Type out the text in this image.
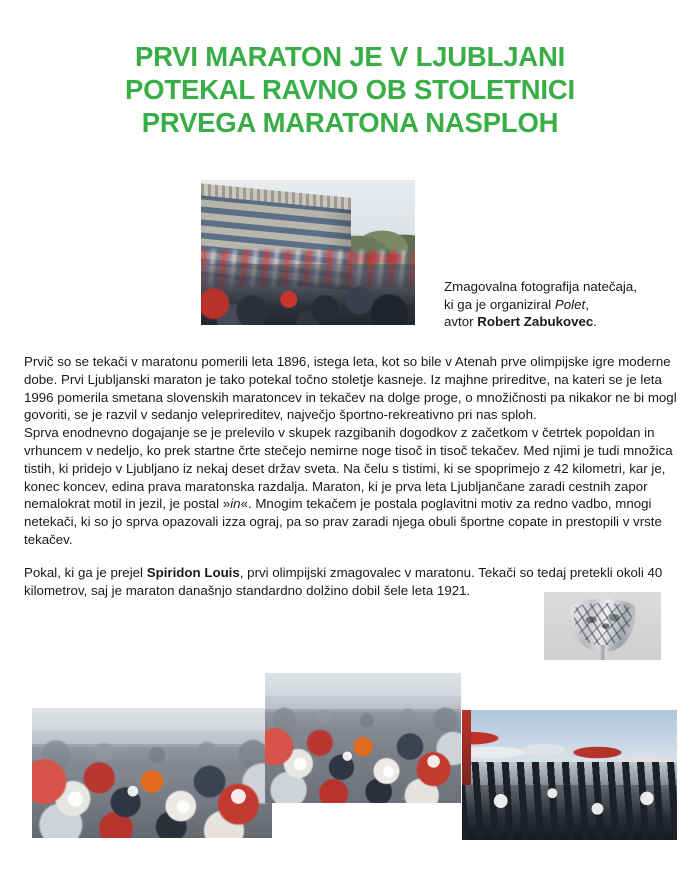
PRVI MARATON JE V LJUBLJANI
POTEKAL RAVNO OB STOLETNICI
PRVEGA MARATONA NASPLOH
Zmagovalna fotografija natečaja,
ki ga je organiziral Polet,
avtor Robert Zabukovec.

Prvič so se tekači v maratonu pomerili leta 1896, istega leta, kot so bile v Atenah prve olimpijske igre moderne dobe. Prvi Ljubljanski maraton je tako potekal točno stoletje kasneje. Iz majhne prireditve, na kateri se je leta 1996 pomerila smetana slovenskih maratoncev in tekačev na dolge proge, o množičnosti pa nikakor ne bi mogl govoriti, se je razvil v sedanjo veleprireditev, največjo športno-rekreativno pri nas sploh.

Sprva enodnevno dogajanje se je prelevilo v skupek razgibanih dogodkov z začetkom v četrtek popoldan in vrhuncem v nedeljo, ko prek startne črte stečejo nemirne noge tisoč in tisoč tekačev. Med njimi je tudi množica tistih, ki pridejo v Ljubljano iz nekaj deset držav sveta. Na čelu s tistimi, ki se spoprimejo z 42 kilometri, kar je, konec koncev, edina prava maratonska razdalja. Maraton, ki je prva leta Ljubljančane zaradi cestnih zapor nemalokrat motil in jezil, je postal »in«. Mnogim tekačem je postala poglavitni motiv za redno vadbo, mnogi netekači, ki so jo sprva opazovali izza ograj, pa so prav zaradi njega obuli športne copate in prestopili v vrste tekačev.

Pokal, ki ga je prejel Spiridon Louis, prvi olimpijski zmagovalec v maratonu. Tekači so tedaj pretekli okoli 40 kilometrov, saj je maraton današnjo standardno dolžino dobil šele leta 1921.
